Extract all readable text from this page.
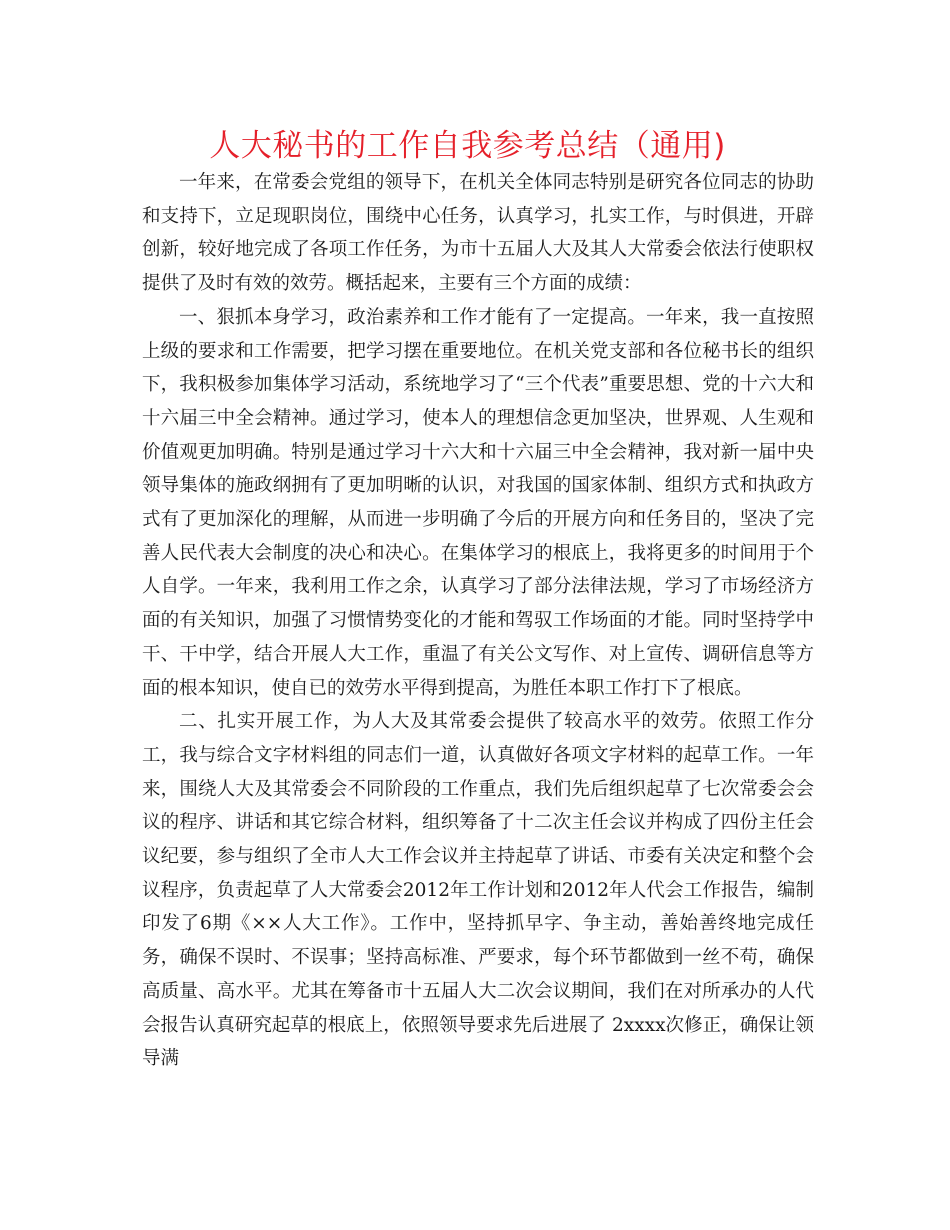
人大秘书的工作自我参考总结（通用)

一年来，在常委会党组的领导下，在机关全体同志特别是研究各位同志的协助和支持下，立足现职岗位，围绕中心任务，认真学习，扎实工作，与时俱进，开辟创新，较好地完成了各项工作任务，为市十五届人大及其人大常委会依法行使职权提供了及时有效的效劳。概括起来，主要有三个方面的成绩：

一、狠抓本身学习，政治素养和工作才能有了一定提高。一年来，我一直按照上级的要求和工作需要，把学习摆在重要地位。在机关党支部和各位秘书长的组织下，我积极参加集体学习活动，系统地学习了“三个代表”重要思想、党的十六大和十六届三中全会精神。通过学习，使本人的理想信念更加坚决，世界观、人生观和价值观更加明确。特别是通过学习十六大和十六届三中全会精神，我对新一届中央领导集体的施政纲拥有了更加明晰的认识，对我国的国家体制、组织方式和执政方式有了更加深化的理解，从而进一步明确了今后的开展方向和任务目的，坚决了完善人民代表大会制度的决心和决心。在集体学习的根底上，我将更多的时间用于个人自学。一年来，我利用工作之余，认真学习了部分法律法规，学习了市场经济方面的有关知识，加强了习惯情势变化的才能和驾驭工作场面的才能。同时坚持学中干、干中学，结合开展人大工作，重温了有关公文写作、对上宣传、调研信息等方面的根本知识，使自已的效劳水平得到提高，为胜任本职工作打下了根底。

二、扎实开展工作，为人大及其常委会提供了较高水平的效劳。依照工作分工，我与综合文字材料组的同志们一道，认真做好各项文字材料的起草工作。一年来，围绕人大及其常委会不同阶段的工作重点，我们先后组织起草了七次常委会会议的程序、讲话和其它综合材料，组织筹备了十二次主任会议并构成了四份主任会议纪要，参与组织了全市人大工作会议并主持起草了讲话、市委有关决定和整个会议程序，负责起草了人大常委会2012年工作计划和2012年人代会工作报告，编制印发了6期《××人大工作》。工作中，坚持抓早字、争主动，善始善终地完成任务，确保不误时、不误事；坚持高标准、严要求，每个环节都做到一丝不苟，确保高质量、高水平。尤其在筹备市十五届人大二次会议期间，我们在对所承办的人代会报告认真研究起草的根底上，依照领导要求先后进展了 2xxxx次修正，确保让领导满
